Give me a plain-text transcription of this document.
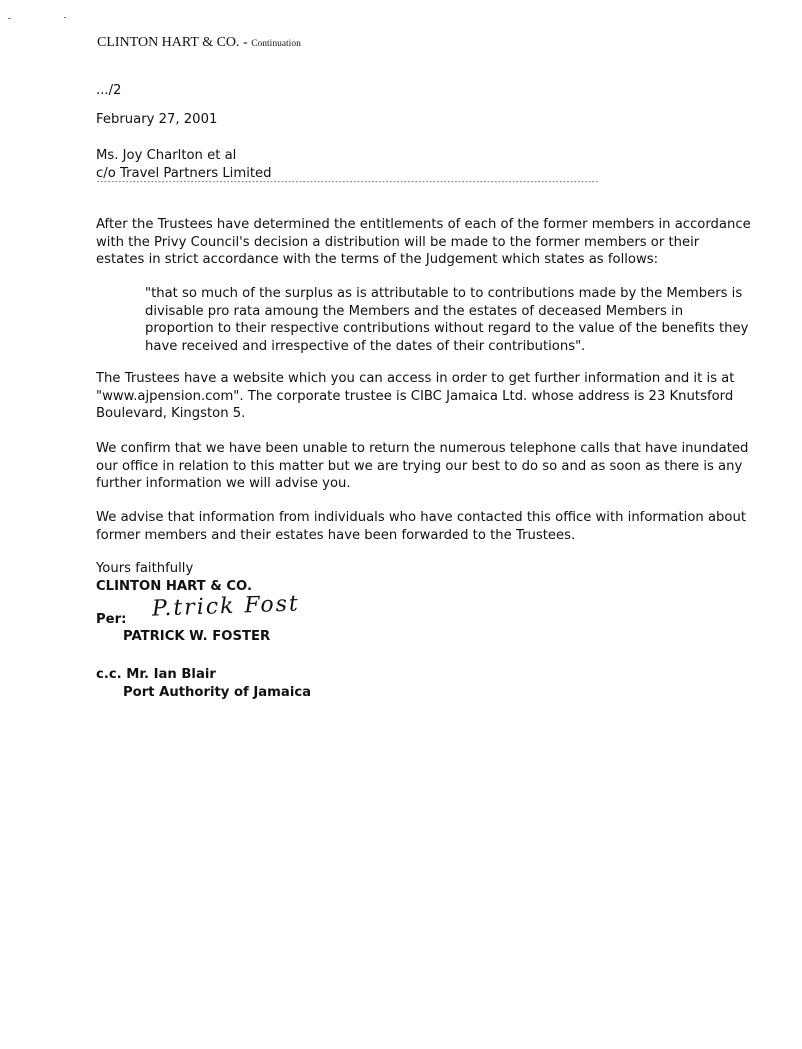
CLINTON HART & CO. - Continuation
.../2
February 27, 2001
Ms. Joy Charlton et al
c/o Travel Partners Limited
-------------------------------------------------------------------------------------------------------------------------------------------
After the Trustees have determined the entitlements of each of the former members in accordance
with the Privy Council's decision a distribution will be made to the former members or their
estates in strict accordance with the terms of the Judgement which states as follows:
"that so much of the surplus as is attributable to to contributions made by the Members is
divisable pro rata amoung the Members and the estates of deceased Members in
proportion to their respective contributions without regard to the value of the benefits they
have received and irrespective of the dates of their contributions".
The Trustees have a website which you can access in order to get further information and it is at
"www.ajpension.com". The corporate trustee is CIBC Jamaica Ltd. whose address is 23 Knutsford
Boulevard, Kingston 5.
We confirm that we have been unable to return the numerous telephone calls that have inundated
our office in relation to this matter but we are trying our best to do so and as soon as there is any
further information we will advise you.
We advise that information from individuals who have contacted this office with information about
former members and their estates have been forwarded to the Trustees.
Yours faithfully
CLINTON HART & CO.
Per: P.trick Fost
PATRICK W. FOSTER
c.c. Mr. Ian Blair
Port Authority of Jamaica
